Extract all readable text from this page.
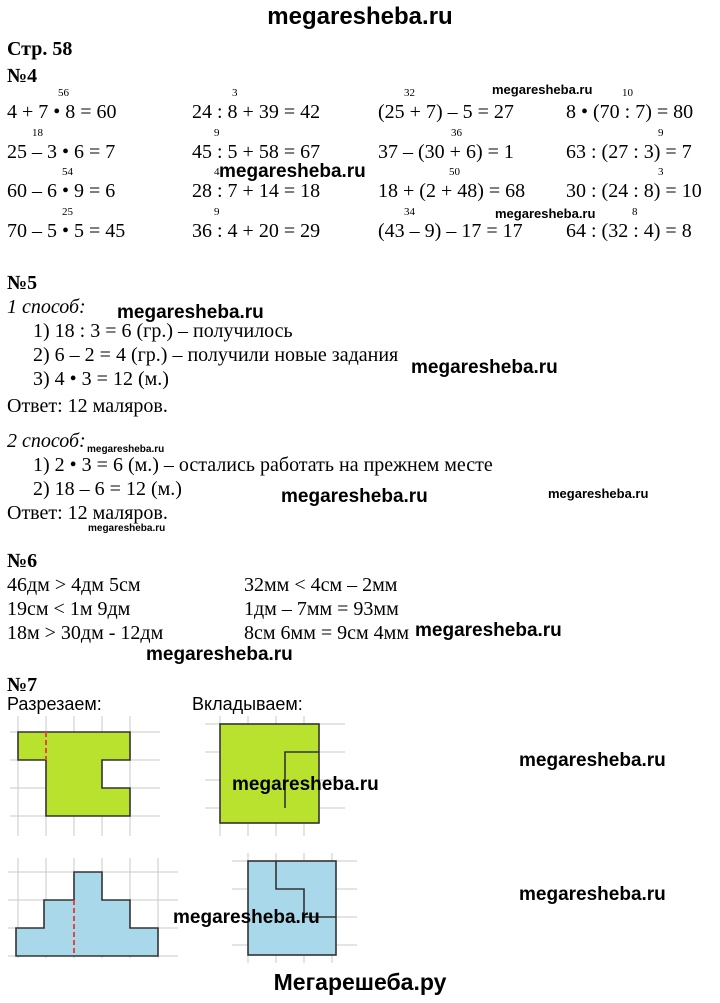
megaresheba.ru
Стр. 58
№4
56
4 + 7 • 8 = 60
3
24 : 8 + 39 = 42
32
(25 + 7) – 5 = 27
10
8 • (70 : 7) = 80
18
25 – 3 • 6 = 7
9
45 : 5 + 58 = 67
36
37 – (30 + 6) = 1
9
63 : (27 : 3) = 7
54
60 – 6 • 9 = 6
4
28 : 7 + 14 = 18
50
18 + (2 + 48) = 68
3
30 : (24 : 8) = 10
25
70 – 5 • 5 = 45
9
36 : 4 + 20 = 29
34
(43 – 9) – 17 = 17
8
64 : (32 : 4) = 8
№5
1 способ:
1) 18 : 3 = 6 (гр.) – получилось
2) 6 – 2 = 4 (гр.) – получили новые задания
3) 4 • 3 = 12 (м.)
Ответ: 12 маляров.
2 способ:
1) 2 • 3 = 6 (м.) – остались работать на прежнем месте
2) 18 – 6 = 12 (м.)
Ответ: 12 маляров.
№6
46дм > 4дм 5см
19см < 1м 9дм
18м > 30дм - 12дм
32мм < 4см – 2мм
1дм – 7мм = 93мм
8см 6мм = 9см 4мм
№7
Разрезаем:	Вкладываем:
megaresheba.ru
megaresheba.ru
megaresheba.ru
megaresheba.ru
megaresheba.ru
megaresheba.ru
megaresheba.ru	megaresheba.ru
megaresheba.ru
megaresheba.ru
megaresheba.ru
megaresheba.ru
megaresheba.ru
megaresheba.ru
megaresheba.ru
Мегарешеба.ру
